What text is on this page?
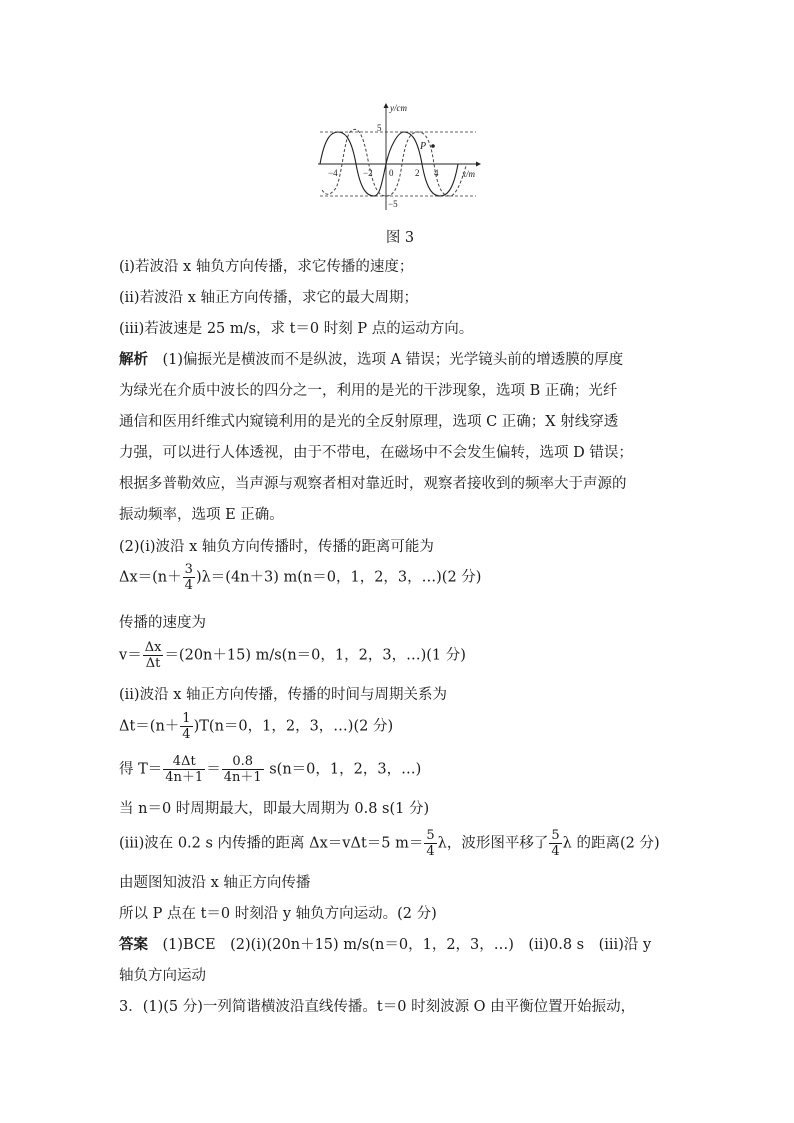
P
y/cm
x/m
5
−5
−4	−2 0 2 4
图 3
(ⅰ)若波沿 x 轴负方向传播，求它传播的速度；
(ⅱ)若波沿 x 轴正方向传播，求它的最大周期；
(ⅲ)若波速是 25 m/s，求 t＝0 时刻 P 点的运动方向。
解析　 (1)偏振光是横波而不是纵波，选项 A 错误；光学镜头前的增透膜的厚度
为绿光在介质中波长的四分之一，利用的是光的干涉现象，选项 B 正确；光纤
通信和医用纤维式内窥镜利用的是光的全反射原理，选项 C 正确；X 射线穿透
力强，可以进行人体透视，由于不带电，在磁场中不会发生偏转，选项 D 错误；
根据多普勒效应，当声源与观察者相对靠近时，观察者接收到的频率大于声源的
振动频率，选项 E 正确。
(2)(ⅰ)波沿 x 轴负方向传播时，传播的距离可能为
$\Delta x=(n+ \frac{3}{4} )\lambda=(4n+3)$ m(n＝0，1，2，3，…)(2 分)
传播的速度为
$v= \frac{\Delta x}{\Delta t} =(20n+15)$ m/s(n＝0，1，2，3，…)(1 分)
(ⅱ)波沿 x 轴正方向传播，传播的时间与周期关系为
$\Delta t=(n+ \frac{1}{4} )T(n=0$，1，2，3，…)(2 分)
得 $T= \frac{4\Delta t}{4n+1} = \frac{0.8}{4n+1} s(n=0$，1，2，3，…)
当 n＝0 时周期最大，即最大周期为 0.8 s(1 分)
(ⅲ)波在 0.2 s 内传播的距离 Δx＝vΔt＝5 $m= \frac{5}{4}$ λ，波形图平移了 $\frac{5}{4}$ λ 的距离(2 分)
由题图知波沿 x 轴正方向传播
所以 P 点在 t＝0 时刻沿 y 轴负方向运动。(2 分)
答案　 (1)BCE　(2)(ⅰ)(20n＋15) m/s(n＝0，1，2，3，…)　(ⅱ)0.8 s　(ⅲ)沿 y
轴负方向运动
3．(1)(5 分)一列简谐横波沿直线传播。t＝0 时刻波源 O 由平衡位置开始振动，
